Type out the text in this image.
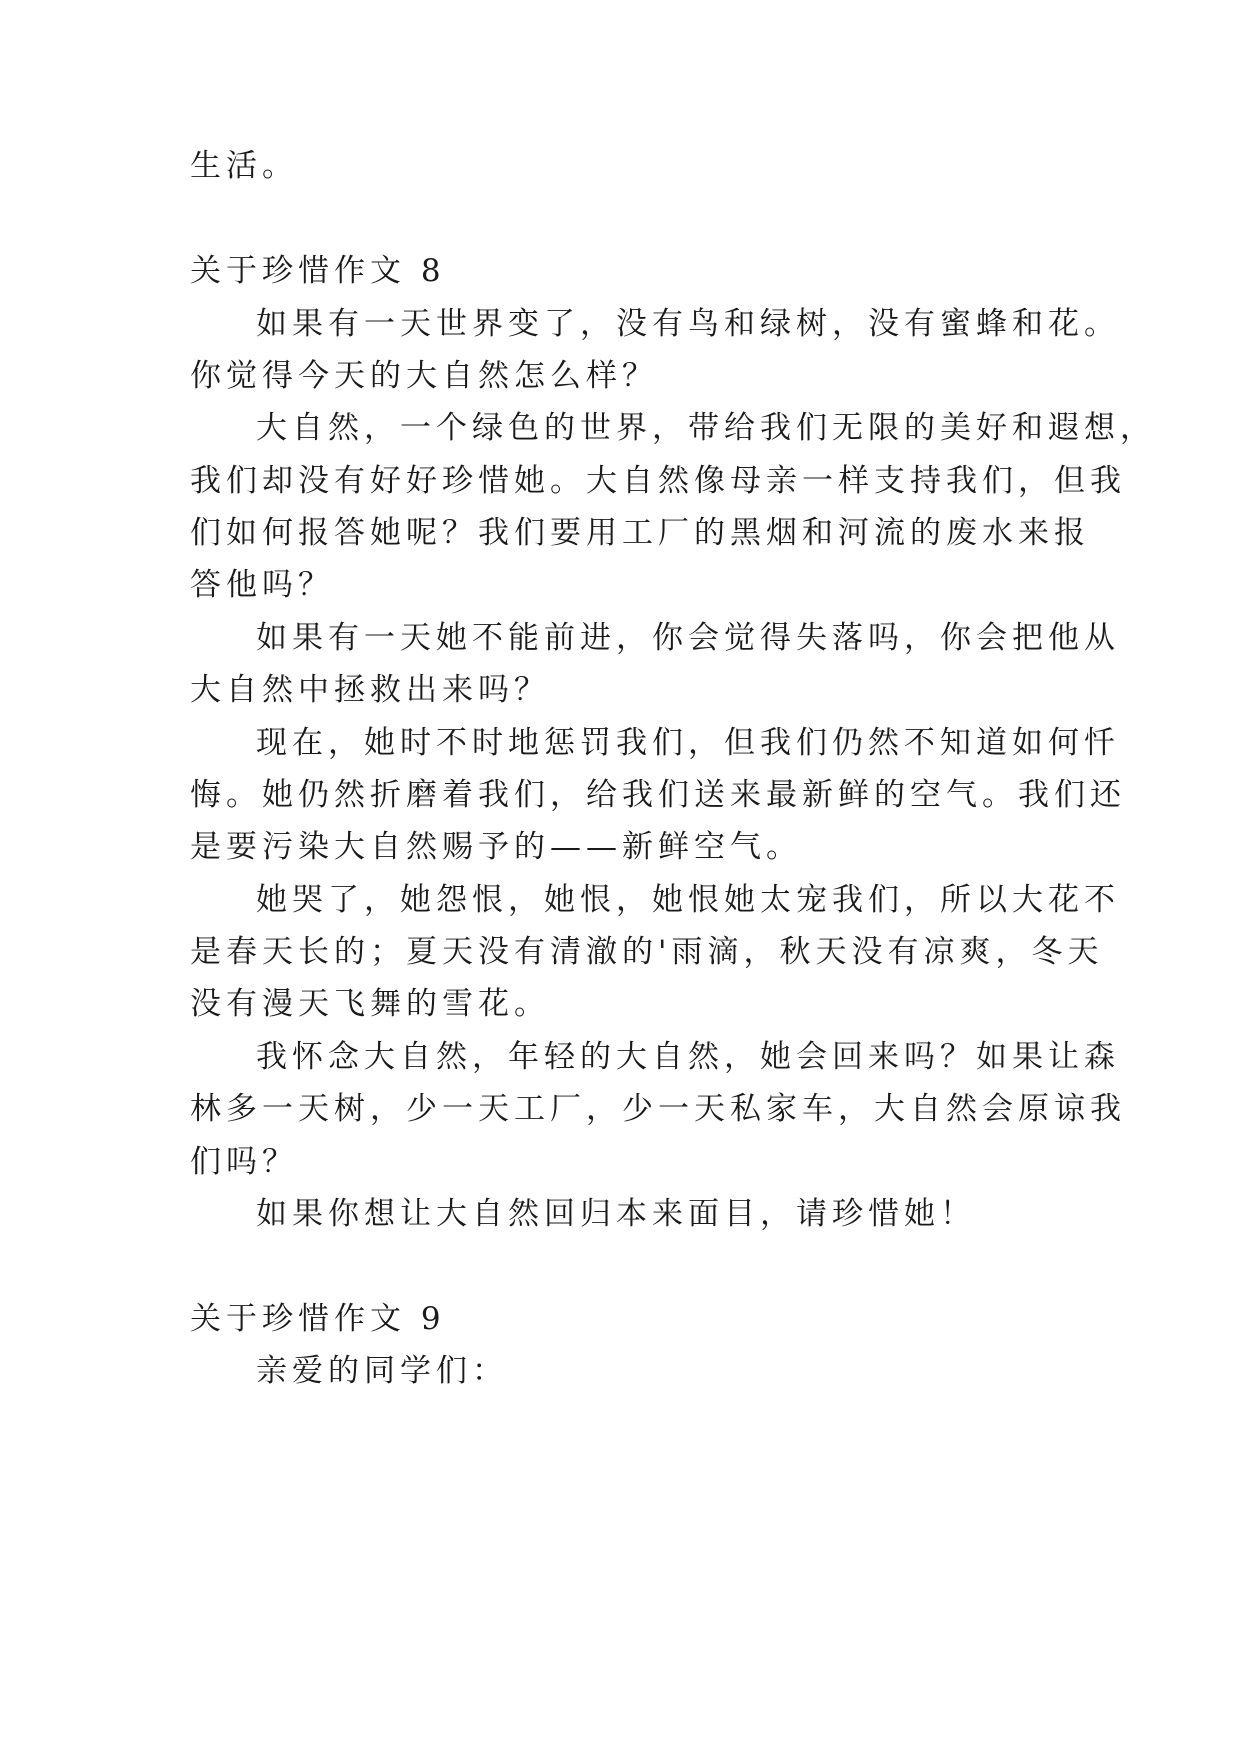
生活。
关于珍惜作文 8
如果有一天世界变了，没有鸟和绿树，没有蜜蜂和花。
你觉得今天的大自然怎么样？
大自然，一个绿色的世界，带给我们无限的美好和遐想，
我们却没有好好珍惜她。大自然像母亲一样支持我们，但我
们如何报答她呢？我们要用工厂的黑烟和河流的废水来报
答他吗？
如果有一天她不能前进，你会觉得失落吗，你会把他从
大自然中拯救出来吗？
现在，她时不时地惩罚我们，但我们仍然不知道如何忏
悔。她仍然折磨着我们，给我们送来最新鲜的空气。我们还
是要污染大自然赐予的——新鲜空气。
她哭了，她怨恨，她恨，她恨她太宠我们，所以大花不
是春天长的；夏天没有清澈的'雨滴，秋天没有凉爽，冬天
没有漫天飞舞的雪花。
我怀念大自然，年轻的大自然，她会回来吗？如果让森
林多一天树，少一天工厂，少一天私家车，大自然会原谅我
们吗？
如果你想让大自然回归本来面目，请珍惜她！
关于珍惜作文 9
亲爱的同学们：
